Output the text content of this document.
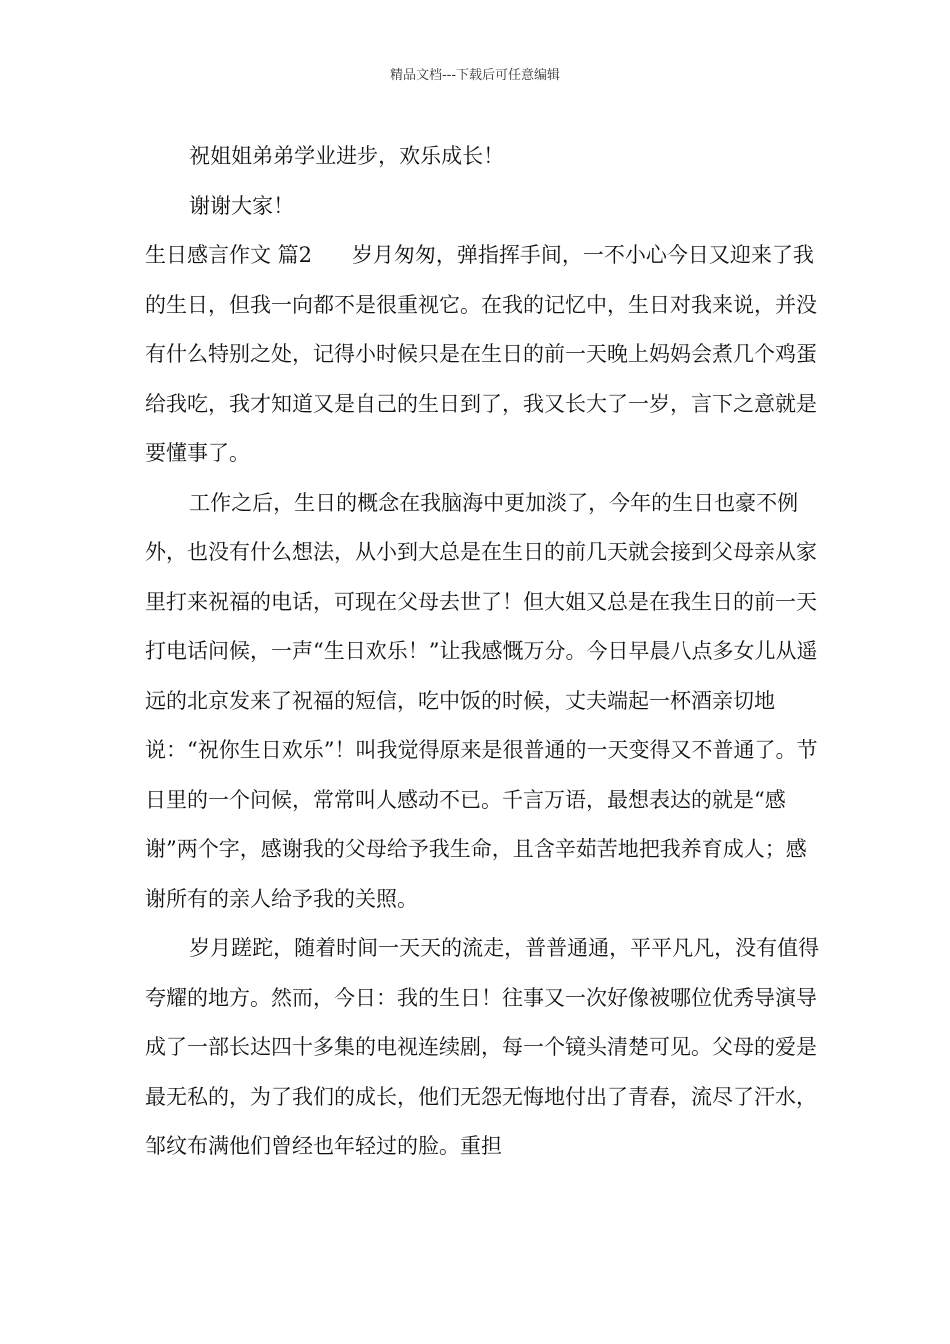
精品文档---下载后可任意编辑

祝姐姐弟弟学业进步，欢乐成长！

谢谢大家！

生日感言作文 篇2 岁月匆匆，弹指挥手间，一不小心今日又迎来了我的生日，但我一向都不是很重视它。在我的记忆中，生日对我来说，并没有什么特别之处，记得小时候只是在生日的前一天晚上妈妈会煮几个鸡蛋给我吃，我才知道又是自己的生日到了，我又长大了一岁，言下之意就是要懂事了。

工作之后，生日的概念在我脑海中更加淡了，今年的生日也豪不例外，也没有什么想法，从小到大总是在生日的前几天就会接到父母亲从家里打来祝福的电话，可现在父母去世了！但大姐又总是在我生日的前一天打电话问候，一声“生日欢乐！”让我感慨万分。今日早晨八点多女儿从遥远的北京发来了祝福的短信，吃中饭的时候，丈夫端起一杯酒亲切地说：“祝你生日欢乐”！叫我觉得原来是很普通的一天变得又不普通了。节日里的一个问候，常常叫人感动不已。千言万语，最想表达的就是“感谢”两个字，感谢我的父母给予我生命，且含辛茹苦地把我养育成人；感谢所有的亲人给予我的关照。

岁月蹉跎，随着时间一天天的流走，普普通通，平平凡凡，没有值得夸耀的地方。然而，今日：我的生日！往事又一次好像被哪位优秀导演导成了一部长达四十多集的电视连续剧，每一个镜头清楚可见。父母的爱是最无私的，为了我们的成长，他们无怨无悔地付出了青春，流尽了汗水，邹纹布满他们曾经也年轻过的脸。重担
